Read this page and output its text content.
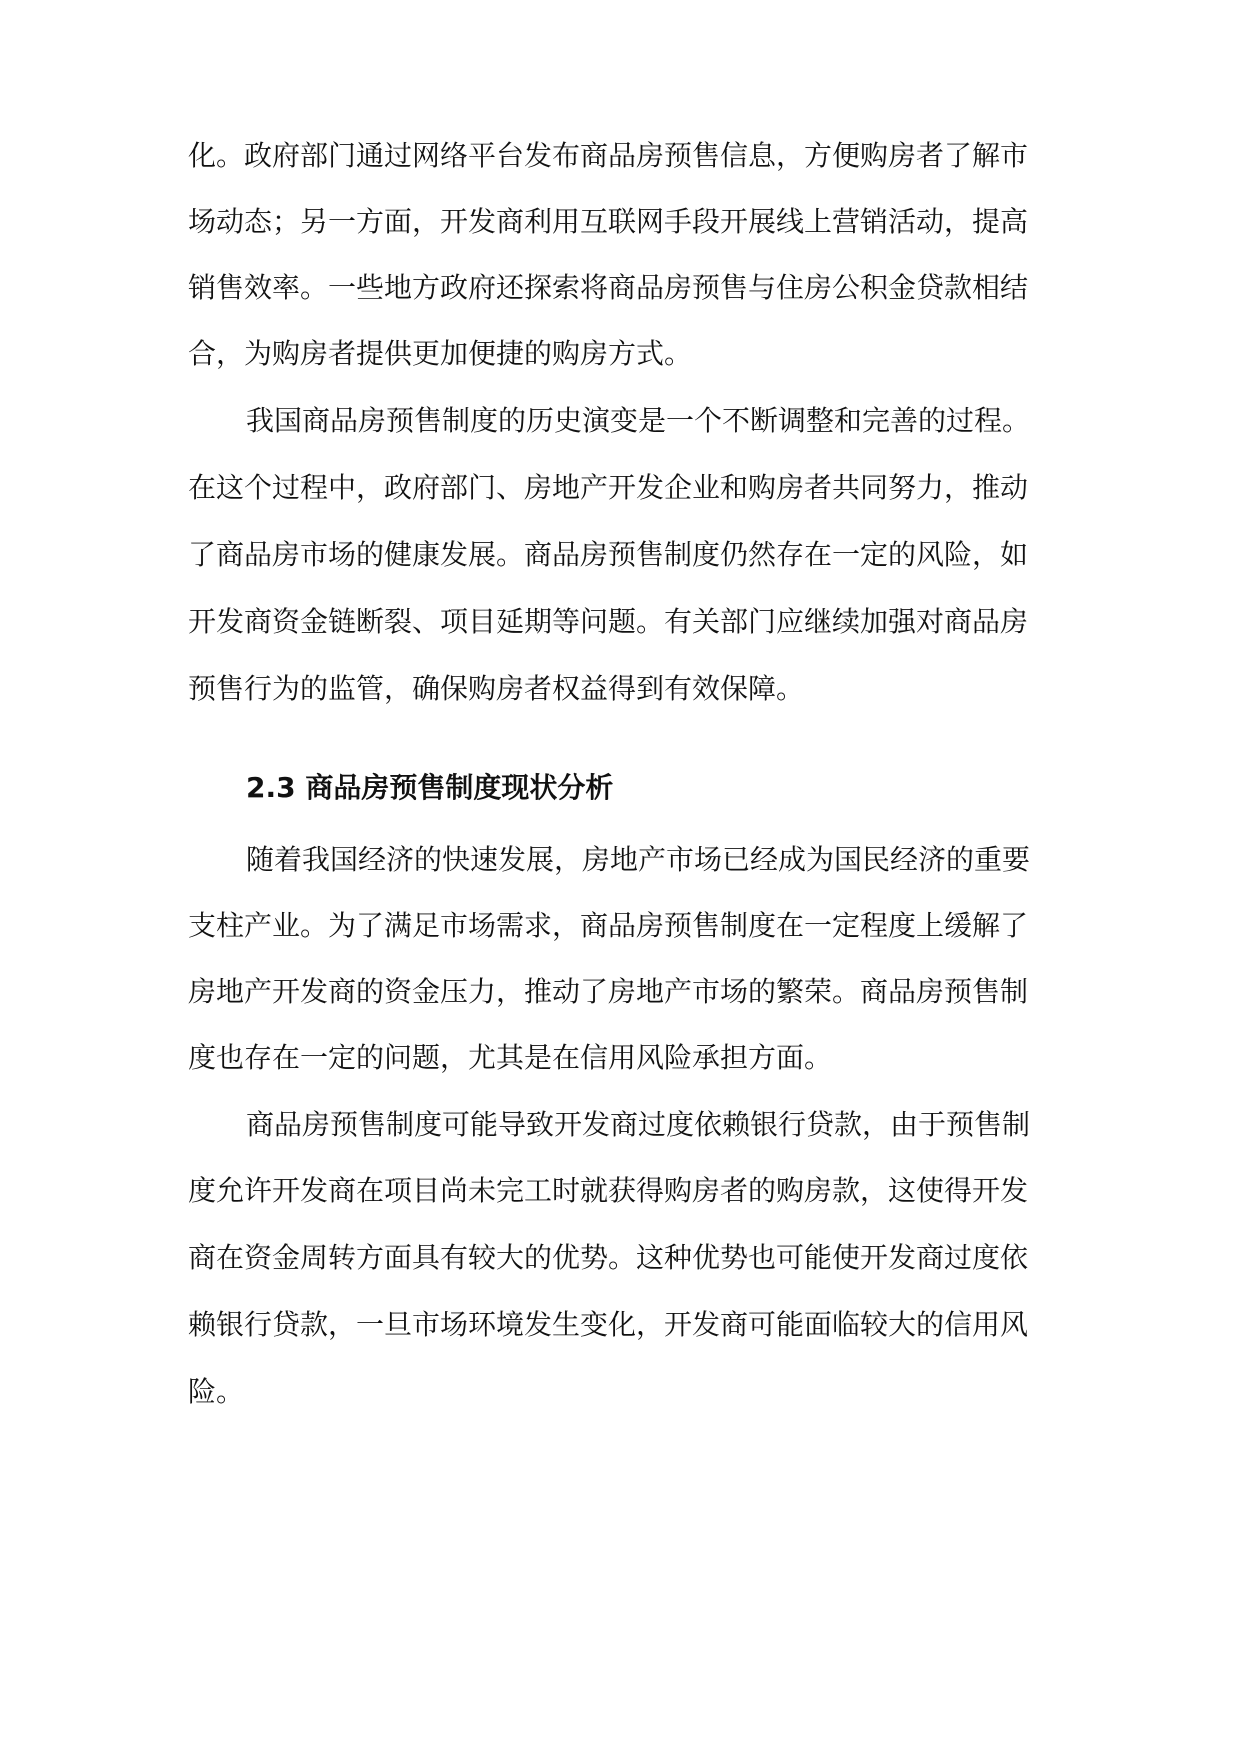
化。政府部门通过网络平台发布商品房预售信息，方便购房者了解市
场动态；另一方面，开发商利用互联网手段开展线上营销活动，提高
销售效率。一些地方政府还探索将商品房预售与住房公积金贷款相结
合，为购房者提供更加便捷的购房方式。
我国商品房预售制度的历史演变是一个不断调整和完善的过程。
在这个过程中，政府部门、房地产开发企业和购房者共同努力，推动
了商品房市场的健康发展。商品房预售制度仍然存在一定的风险，如
开发商资金链断裂、项目延期等问题。有关部门应继续加强对商品房
预售行为的监管，确保购房者权益得到有效保障。
2.3 商品房预售制度现状分析
随着我国经济的快速发展，房地产市场已经成为国民经济的重要
支柱产业。为了满足市场需求，商品房预售制度在一定程度上缓解了
房地产开发商的资金压力，推动了房地产市场的繁荣。商品房预售制
度也存在一定的问题，尤其是在信用风险承担方面。
商品房预售制度可能导致开发商过度依赖银行贷款，由于预售制
度允许开发商在项目尚未完工时就获得购房者的购房款，这使得开发
商在资金周转方面具有较大的优势。这种优势也可能使开发商过度依
赖银行贷款，一旦市场环境发生变化，开发商可能面临较大的信用风
险。
